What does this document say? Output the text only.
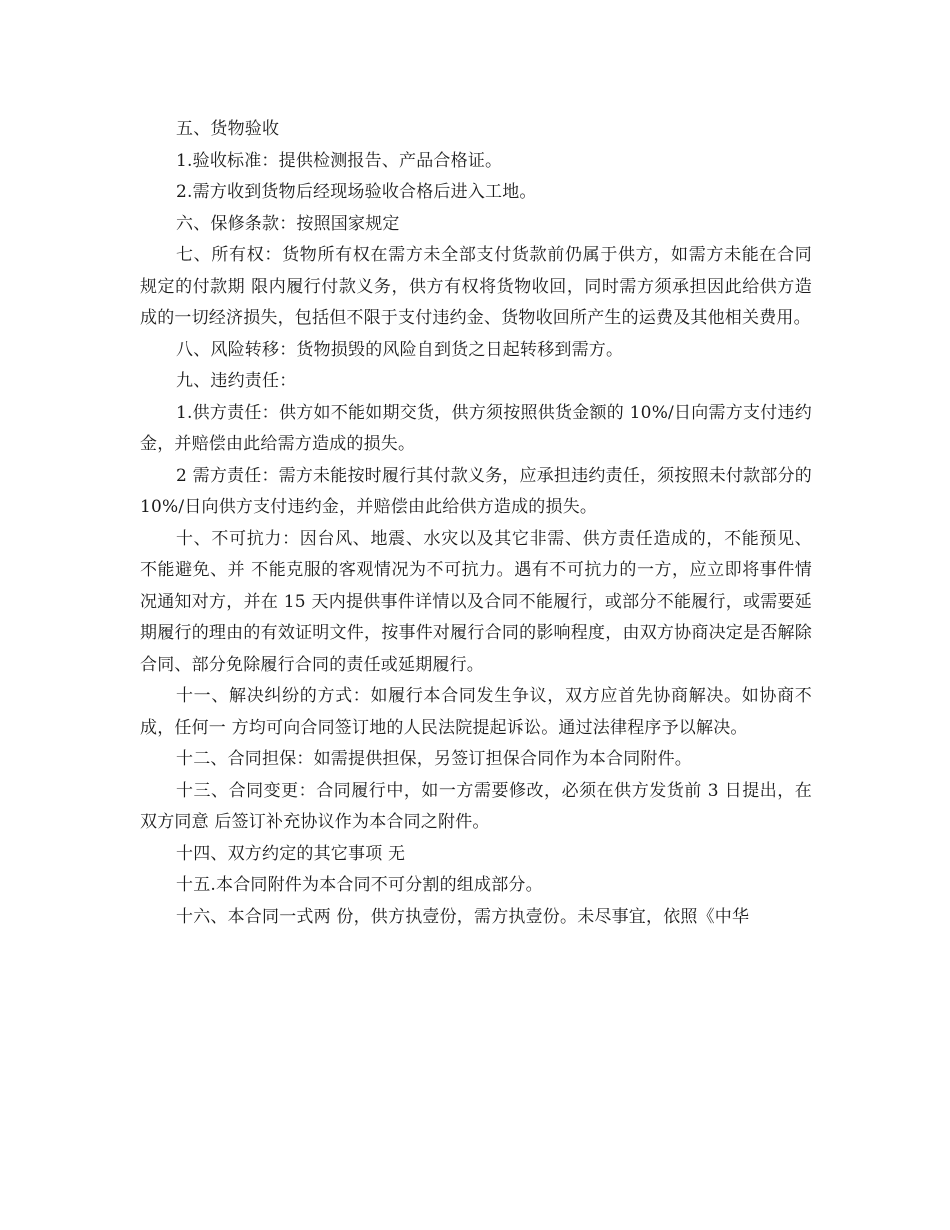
五、货物验收

1.验收标准：提供检测报告、产品合格证。

2.需方收到货物后经现场验收合格后进入工地。

六、保修条款：按照国家规定

七、所有权：货物所有权在需方未全部支付货款前仍属于供方，如需方未能在合同规定的付款期 限内履行付款义务，供方有权将货物收回，同时需方须承担因此给供方造成的一切经济损失，包括但不限于支付违约金、货物收回所产生的运费及其他相关费用。

八、风险转移：货物损毁的风险自到货之日起转移到需方。

九、违约责任：

1.供方责任：供方如不能如期交货，供方须按照供货金额的 10%/日向需方支付违约金，并赔偿由此给需方造成的损失。

2 需方责任：需方未能按时履行其付款义务，应承担违约责任，须按照未付款部分的 10%/日向供方支付违约金，并赔偿由此给供方造成的损失。

十、不可抗力：因台风、地震、水灾以及其它非需、供方责任造成的，不能预见、不能避免、并 不能克服的客观情况为不可抗力。遇有不可抗力的一方，应立即将事件情况通知对方，并在 15 天内提供事件详情以及合同不能履行，或部分不能履行，或需要延期履行的理由的有效证明文件，按事件对履行合同的影响程度，由双方协商决定是否解除合同、部分免除履行合同的责任或延期履行。

十一、解决纠纷的方式：如履行本合同发生争议，双方应首先协商解决。如协商不成，任何一 方均可向合同签订地的人民法院提起诉讼。通过法律程序予以解决。

十二、合同担保：如需提供担保，另签订担保合同作为本合同附件。

十三、合同变更：合同履行中，如一方需要修改，必须在供方发货前 3 日提出，在双方同意 后签订补充协议作为本合同之附件。

十四、双方约定的其它事项 无

十五.本合同附件为本合同不可分割的组成部分。

十六、本合同一式两 份，供方执壹份，需方执壹份。未尽事宜，依照《中华
